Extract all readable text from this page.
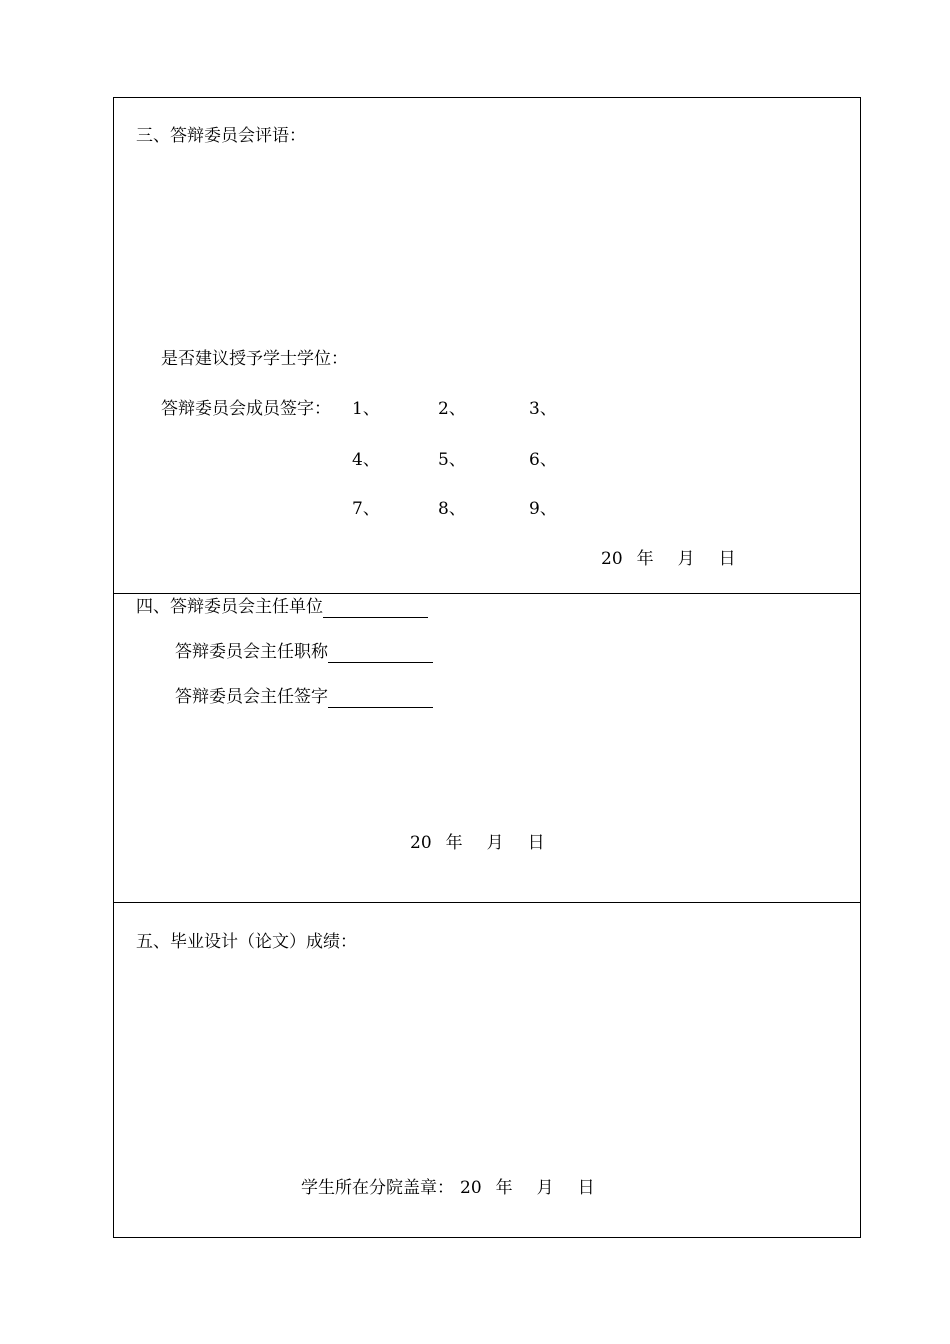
三、答辩委员会评语：
是否建议授予学士学位：
答辩委员会成员签字： 1、	2、	3、
4、	5、	6、
7、	8、	9、
20 年 月 日
四、答辩委员会主任单位
答辩委员会主任职称
答辩委员会主任签字
20 年 月 日
五、毕业设计（论文）成绩：
学生所在分院盖章： 20 年 月 日
